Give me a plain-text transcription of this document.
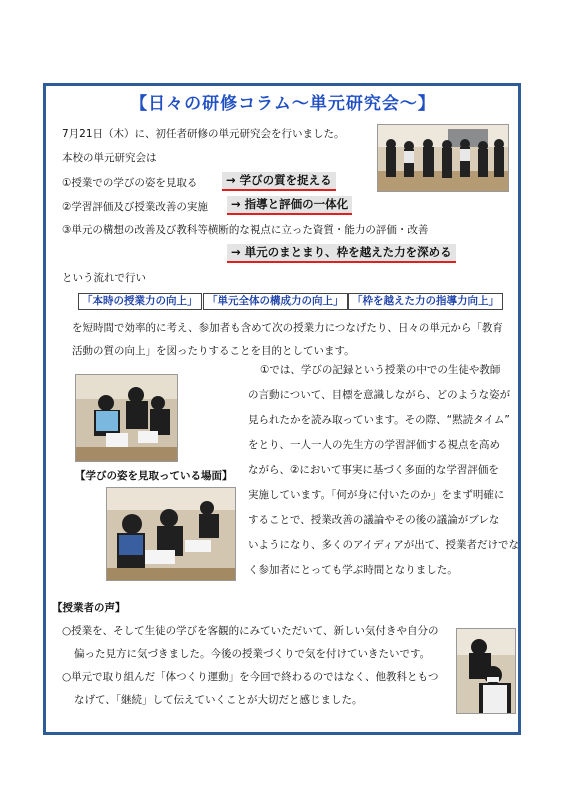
【日々の研修コラム～単元研究会～】
7月21日（木）に、初任者研修の単元研究会を行いました。
本校の単元研究会は
①授業での学びの姿を見取る	→ 学びの質を捉える
②学習評価及び授業改善の実施	→ 指導と評価の一体化
③単元の構想の改善及び教科等横断的な視点に立った資質・能力の評価・改善
→ 単元のまとまり、枠を越えた力を深める
という流れで行い
「本時の授業力の向上」 「単元全体の構成力の向上」 「枠を越えた力の指導力向上」
を短時間で効率的に考え、参加者も含めて次の授業力につなげたり、日々の単元から「教育
活動の質の向上」を図ったりすることを目的としています。
【学びの姿を見取っている場面】
①では、学びの記録という授業の中での生徒や教師
の言動について、目標を意識しながら、どのような姿が
見られたかを読み取っています。その際、“黙読タイム”
をとり、一人一人の先生方の学習評価する視点を高め
ながら、②において事実に基づく多面的な学習評価を
実施しています。「何が身に付いたのか」をまず明確に
することで、授業改善の議論やその後の議論がブレな
いようになり、多くのアイディアが出て、授業者だけでな
く参加者にとっても学ぶ時間となりました。
【授業者の声】
○授業を、そして生徒の学びを客観的にみていただいて、新しい気付きや自分の
偏った見方に気づきました。今後の授業づくりで気を付けていきたいです。
○単元で取り組んだ「体つくり運動」を今回で終わるのではなく、他教科ともつ
なげて、「継続」して伝えていくことが大切だと感じました。
